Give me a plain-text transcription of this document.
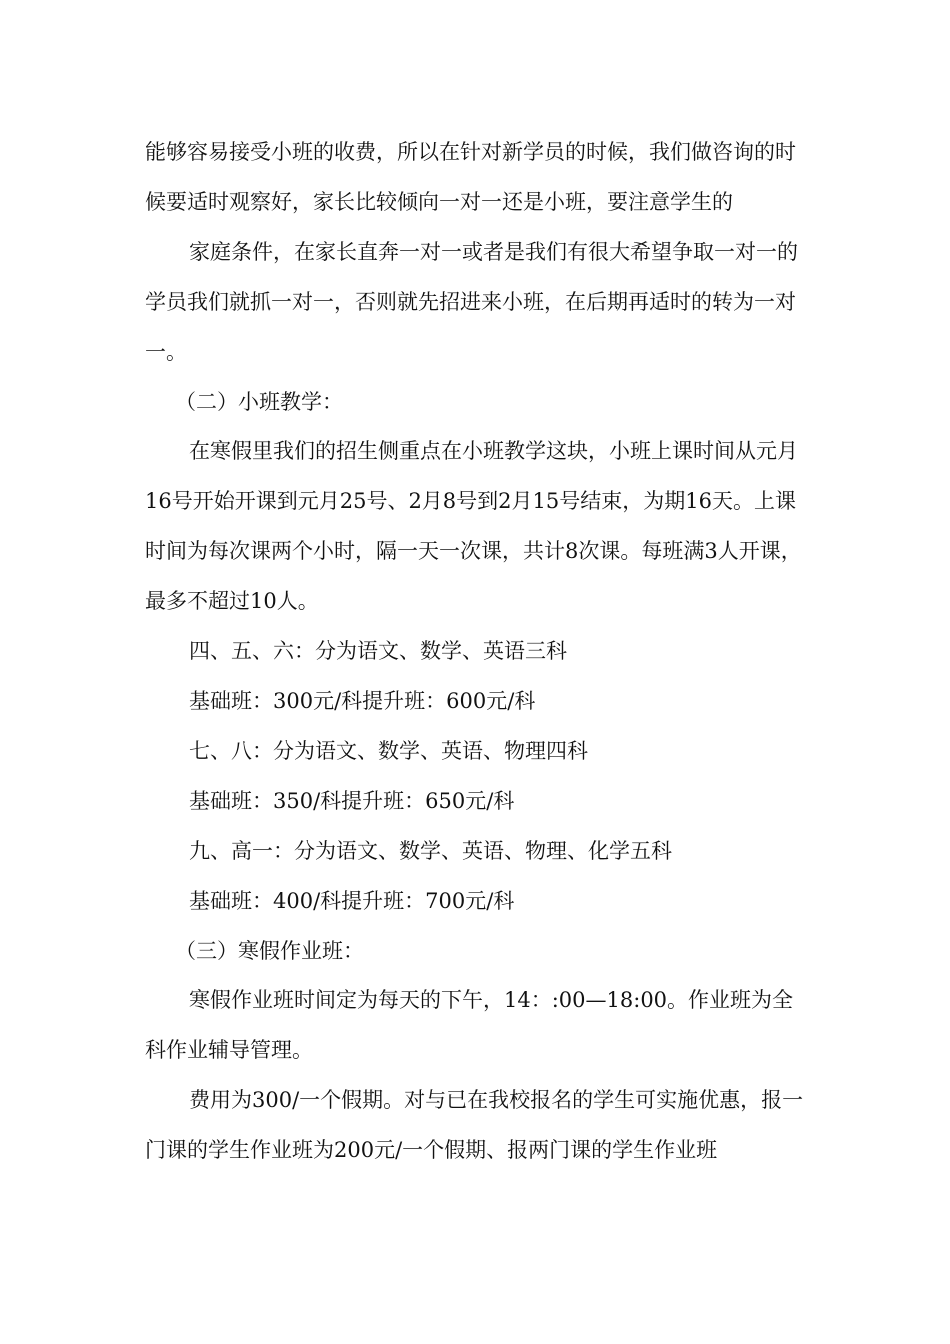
能够容易接受小班的收费，所以在针对新学员的时候，我们做咨询的时候要适时观察好，家长比较倾向一对一还是小班，要注意学生的

家庭条件，在家长直奔一对一或者是我们有很大希望争取一对一的学员我们就抓一对一，否则就先招进来小班，在后期再适时的转为一对一。

（二）小班教学：

在寒假里我们的招生侧重点在小班教学这块，小班上课时间从元月16号开始开课到元月25号、2月8号到2月15号结束，为期16天。上课时间为每次课两个小时，隔一天一次课，共计8次课。每班满3人开课，最多不超过10人。

四、五、六：分为语文、数学、英语三科

基础班：300元/科提升班：600元/科

七、八：分为语文、数学、英语、物理四科

基础班：350/科提升班：650元/科

九、高一：分为语文、数学、英语、物理、化学五科

基础班：400/科提升班：700元/科

（三）寒假作业班：

寒假作业班时间定为每天的下午，14：:00—18:00。作业班为全科作业辅导管理。

费用为300/一个假期。对与已在我校报名的学生可实施优惠，报一门课的学生作业班为200元/一个假期、报两门课的学生作业班
